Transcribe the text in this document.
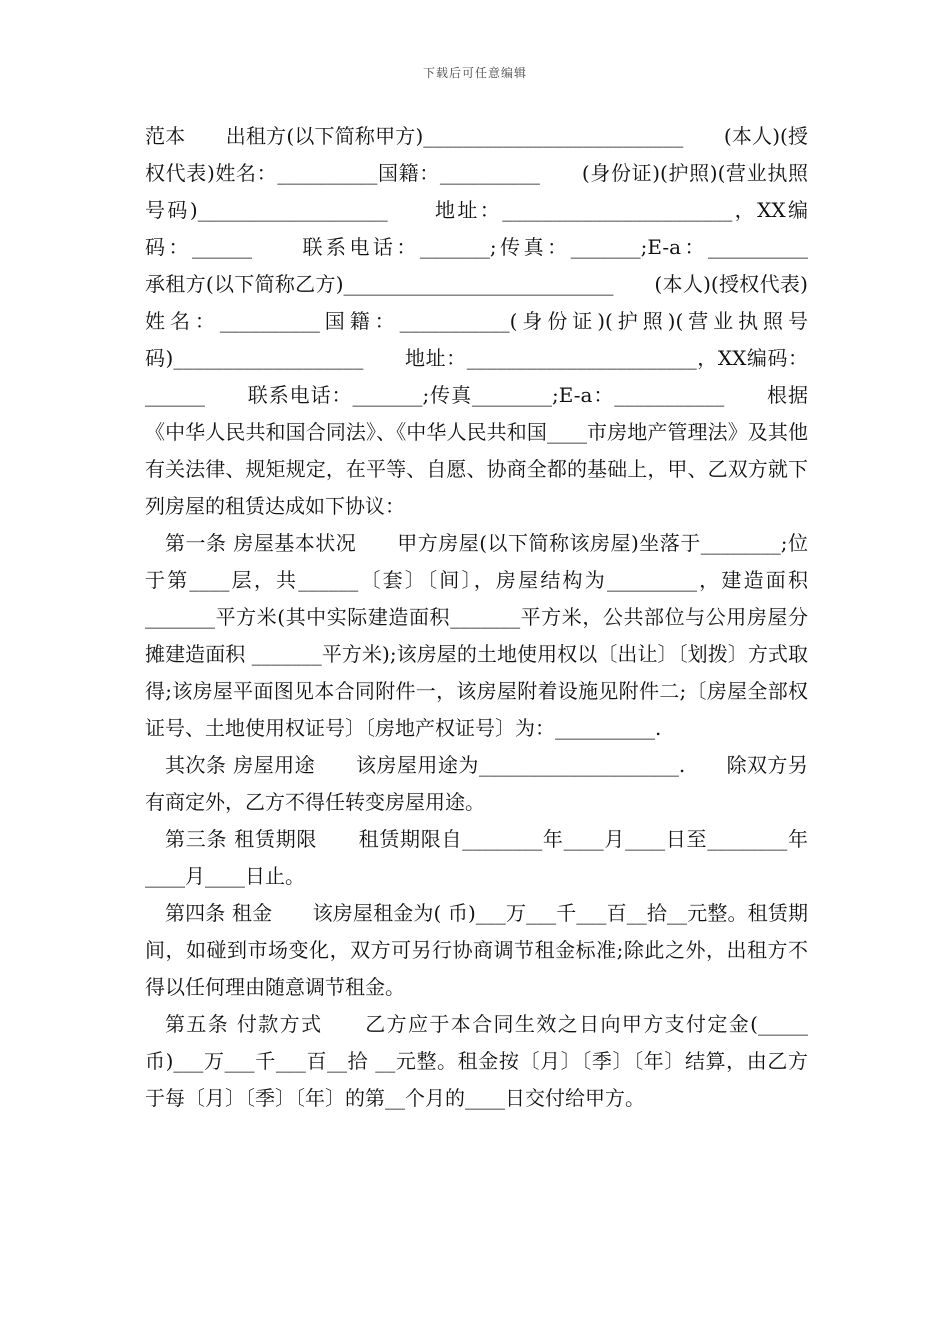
下载后可任意编辑

范本　　出租方(以下简称甲方)__________________________　　(本人)(授权代表)姓名：__________国籍：__________　　(身份证)(护照)(营业执照号码)___________________　　地址：_______________________，XX编码：______　　联系电话：_______;传真：_______;E-a：__________　　承租方(以下简称乙方)___________________________　　(本人)(授权代表)姓名：__________国籍：___________(身份证)(护照)(营业执照号码)___________________　　地址：_______________________，XX编码：______　　联系电话：_______;传真________;E-a：___________　　根据《中华人民共和国合同法》、《中华人民共和国____市房地产管理法》及其他有关法律、规矩规定，在平等、自愿、协商全都的基础上，甲、乙双方就下列房屋的租赁达成如下协议：

第一条 房屋基本状况　　甲方房屋(以下简称该房屋)坐落于________;位于第____层，共______〔套〕〔间〕，房屋结构为_________，建造面积_______平方米(其中实际建造面积_______平方米，公共部位与公用房屋分摊建造面积 _______平方米);该房屋的土地使用权以〔出让〕〔划拨〕方式取得;该房屋平面图见本合同附件一，该房屋附着设施见附件二;〔房屋全部权证号、土地使用权证号〕〔房地产权证号〕为：__________.

其次条 房屋用途　　该房屋用途为____________________.　　除双方另有商定外，乙方不得任转变房屋用途。

第三条 租赁期限　　租赁期限自________年____月____日至________年____月____日止。

第四条 租金　　该房屋租金为( 币)___万___千___百__拾__元整。租赁期间，如碰到市场变化，双方可另行协商调节租金标准;除此之外，出租方不得以任何理由随意调节租金。

第五条 付款方式　　乙方应于本合同生效之日向甲方支付定金(_____币)___万___千___百__拾 __元整。租金按〔月〕〔季〕〔年〕结算，由乙方于每〔月〕〔季〕〔年〕的第__个月的____日交付给甲方。
